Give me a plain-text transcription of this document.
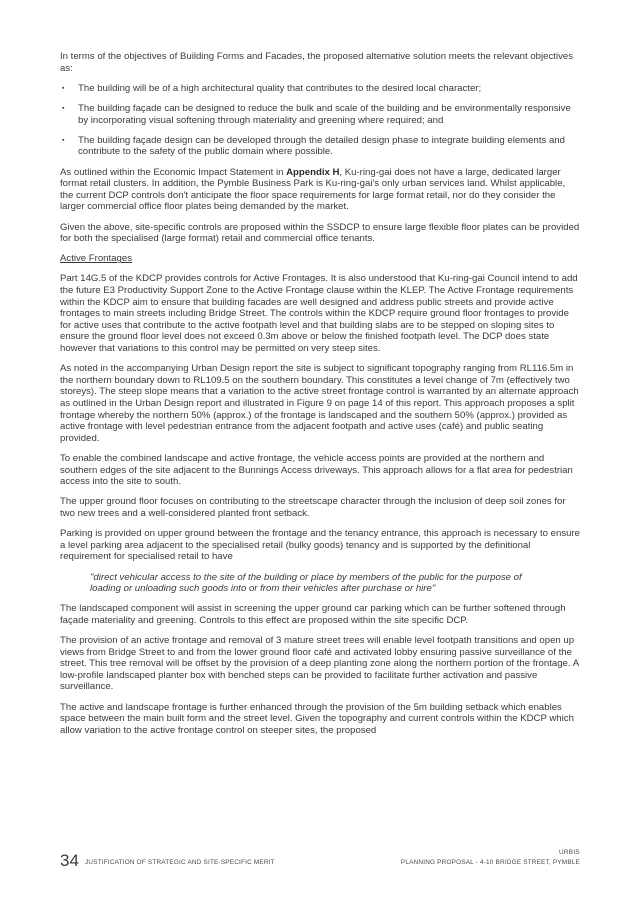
In terms of the objectives of Building Forms and Facades, the proposed alternative solution meets the relevant objectives as:

▪ The building will be of a high architectural quality that contributes to the desired local character;
▪ The building façade can be designed to reduce the bulk and scale of the building and be environmentally responsive by incorporating visual softening through materiality and greening where required; and
▪ The building façade design can be developed through the detailed design phase to integrate building elements and contribute to the safety of the public domain where possible.

As outlined within the Economic Impact Statement in Appendix H, Ku-ring-gai does not have a large, dedicated larger format retail clusters. In addition, the Pymble Business Park is Ku-ring-gai's only urban services land. Whilst applicable, the current DCP controls don't anticipate the floor space requirements for large format retail, nor do they consider the larger commercial office floor plates being demanded by the market.

Given the above, site-specific controls are proposed within the SSDCP to ensure large flexible floor plates can be provided for both the specialised (large format) retail and commercial office tenants.

Active Frontages

Part 14G.5 of the KDCP provides controls for Active Frontages. It is also understood that Ku-ring-gai Council intend to add the future E3 Productivity Support Zone to the Active Frontage clause within the KLEP. The Active Frontage requirements within the KDCP aim to ensure that building facades are well designed and address public streets and provide active frontages to main streets including Bridge Street. The controls within the KDCP require ground floor frontages to provide for active uses that contribute to the active footpath level and that building slabs are to be stepped on sloping sites to ensure the ground floor level does not exceed 0.3m above or below the finished footpath level. The DCP does state however that variations to this control may be permitted on very steep sites.

As noted in the accompanying Urban Design report the site is subject to significant topography ranging from RL116.5m in the northern boundary down to RL109.5 on the southern boundary. This constitutes a level change of 7m (effectively two storeys). The steep slope means that a variation to the active street frontage control is warranted by an alternate approach as outlined in the Urban Design report and illustrated in Figure 9 on page 14 of this report. This approach proposes a split frontage whereby the northern 50% (approx.) of the frontage is landscaped and the southern 50% (approx.) provided as active frontage with level pedestrian entrance from the adjacent footpath and active uses (café) and public seating provided.

To enable the combined landscape and active frontage, the vehicle access points are provided at the northern and southern edges of the site adjacent to the Bunnings Access driveways. This approach allows for a flat area for pedestrian access into the site to south.

The upper ground floor focuses on contributing to the streetscape character through the inclusion of deep soil zones for two new trees and a well-considered planted front setback.

Parking is provided on upper ground between the frontage and the tenancy entrance, this approach is necessary to ensure a level parking area adjacent to the specialised retail (bulky goods) tenancy and is supported by the definitional requirement for specialised retail to have

"direct vehicular access to the site of the building or place by members of the public for the purpose of loading or unloading such goods into or from their vehicles after purchase or hire"

The landscaped component will assist in screening the upper ground car parking which can be further softened through façade materiality and greening. Controls to this effect are proposed within the site specific DCP.

The provision of an active frontage and removal of 3 mature street trees will enable level footpath transitions and open up views from Bridge Street to and from the lower ground floor café and activated lobby ensuring passive surveillance of the street. This tree removal will be offset by the provision of a deep planting zone along the northern portion of the frontage. A low-profile landscaped planter box with benched steps can be provided to facilitate further activation and passive surveillance.

The active and landscape frontage is further enhanced through the provision of the 5m building setback which enables space between the main built form and the street level. Given the topography and current controls within the KDCP which allow variation to the active frontage control on steeper sites, the proposed

34 JUSTIFICATION OF STRATEGIC AND SITE-SPECIFIC MERIT
URBIS
PLANNING PROPOSAL - 4-10 BRIDGE STREET, PYMBLE
